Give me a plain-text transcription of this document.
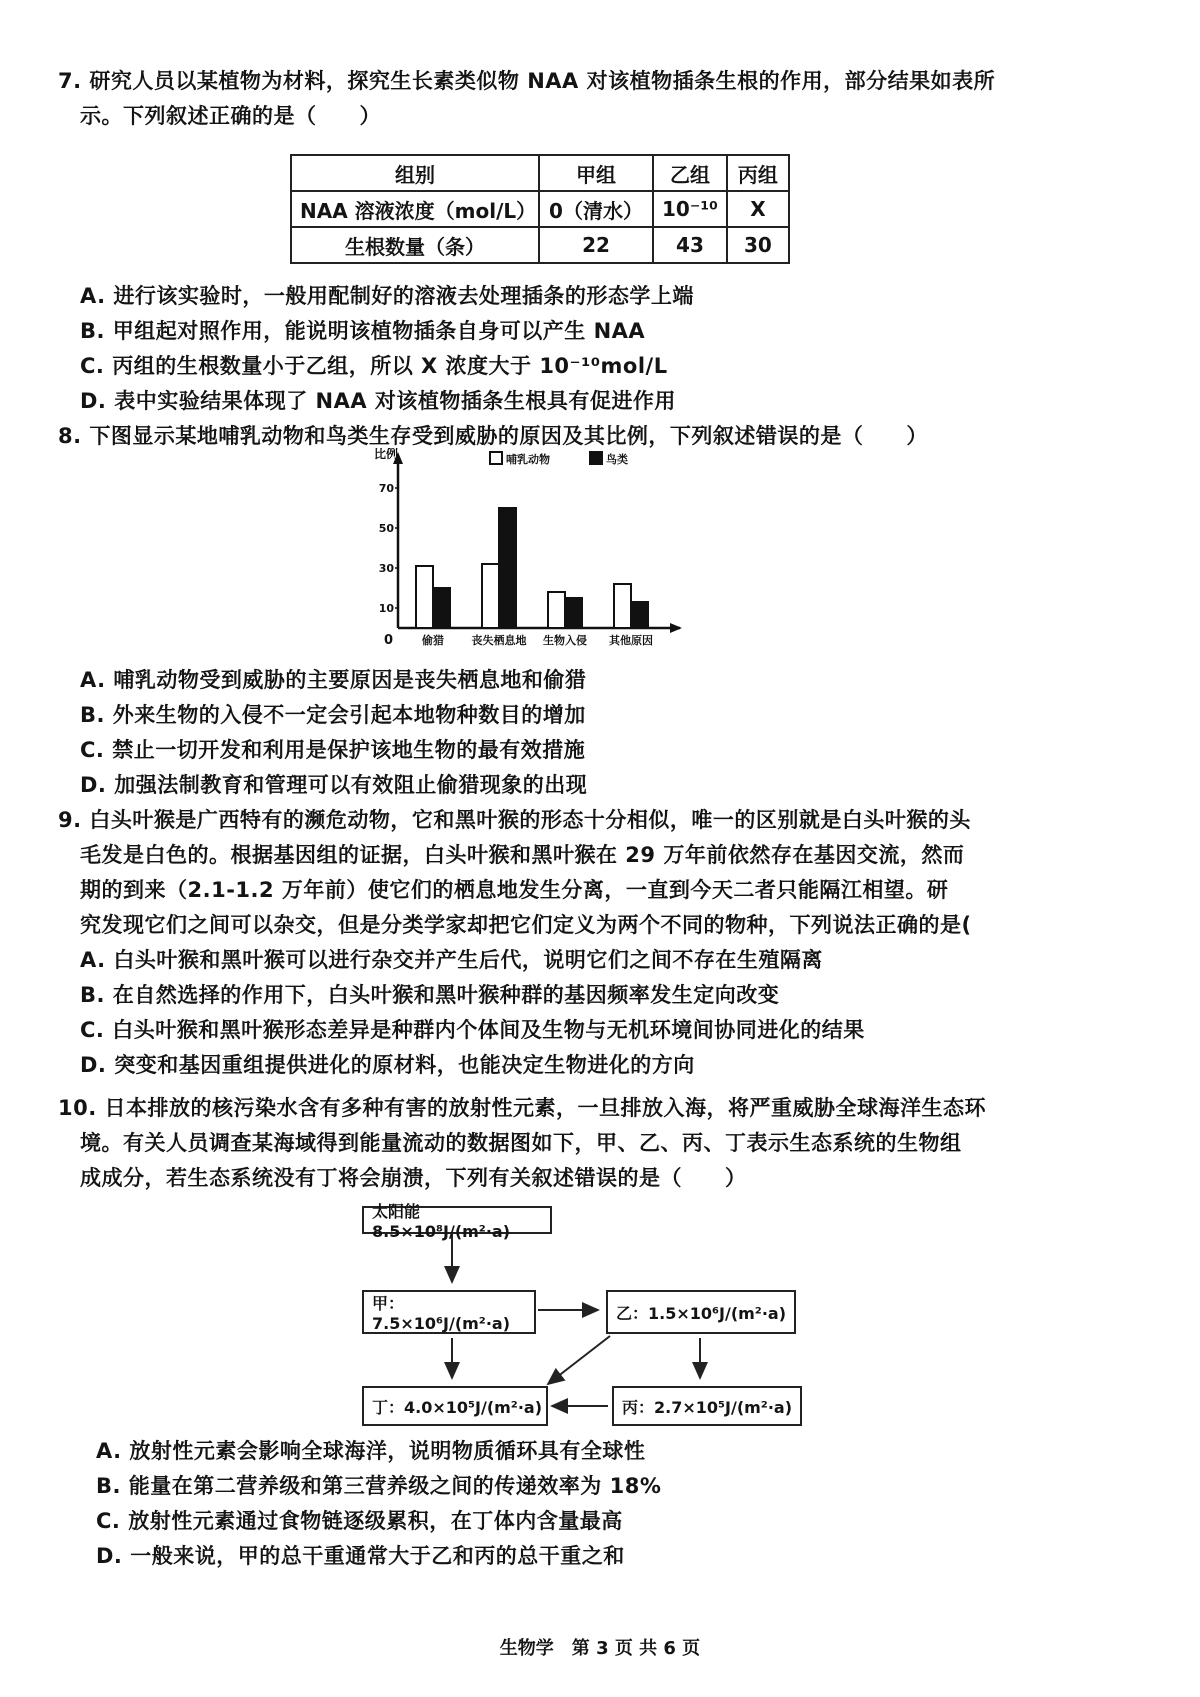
7. 研究人员以某植物为材料，探究生长素类似物 NAA 对该植物插条生根的作用，部分结果如表所
示。下列叙述正确的是（　　）
组别	甲组	乙组	丙组
NAA 溶液浓度（mol/L）	0（清水）	10⁻¹⁰	X
生根数量（条）	22	43	30
A. 进行该实验时，一般用配制好的溶液去处理插条的形态学上端
B. 甲组起对照作用，能说明该植物插条自身可以产生 NAA
C. 丙组的生根数量小于乙组，所以 X 浓度大于 10⁻¹⁰mol/L
D. 表中实验结果体现了 NAA 对该植物插条生根具有促进作用
8. 下图显示某地哺乳动物和鸟类生存受到威胁的原因及其比例，下列叙述错误的是（　　）
比例
10
30
50
70
0	偷猎	丧失栖息地 生物入侵 其他原因
哺乳动物	鸟类
A. 哺乳动物受到威胁的主要原因是丧失栖息地和偷猎
B. 外来生物的入侵不一定会引起本地物种数目的增加
C. 禁止一切开发和利用是保护该地生物的最有效措施
D. 加强法制教育和管理可以有效阻止偷猎现象的出现
9. 白头叶猴是广西特有的濒危动物，它和黑叶猴的形态十分相似，唯一的区别就是白头叶猴的头
毛发是白色的。根据基因组的证据，白头叶猴和黑叶猴在 29 万年前依然存在基因交流，然而
期的到来（2.1-1.2 万年前）使它们的栖息地发生分离，一直到今天二者只能隔江相望。研
究发现它们之间可以杂交，但是分类学家却把它们定义为两个不同的物种，下列说法正确的是(
A. 白头叶猴和黑叶猴可以进行杂交并产生后代，说明它们之间不存在生殖隔离
B. 在自然选择的作用下，白头叶猴和黑叶猴种群的基因频率发生定向改变
C. 白头叶猴和黑叶猴形态差异是种群内个体间及生物与无机环境间协同进化的结果
D. 突变和基因重组提供进化的原材料，也能决定生物进化的方向
10. 日本排放的核污染水含有多种有害的放射性元素，一旦排放入海，将严重威胁全球海洋生态环
境。有关人员调查某海域得到能量流动的数据图如下，甲、乙、丙、丁表示生态系统的生物组
成成分，若生态系统没有丁将会崩溃，下列有关叙述错误的是（　　）
太阳能 8.5×10⁸J/(m²·a)
甲：7.5×10⁶J/(m²·a)
乙：1.5×10⁶J/(m²·a)
丁：4.0×10⁵J/(m²·a)	丙：2.7×10⁵J/(m²·a)
A. 放射性元素会影响全球海洋，说明物质循环具有全球性
B. 能量在第二营养级和第三营养级之间的传递效率为 18%
C. 放射性元素通过食物链逐级累积，在丁体内含量最高
D. 一般来说，甲的总干重通常大于乙和丙的总干重之和
生物学　第 3 页 共 6 页
